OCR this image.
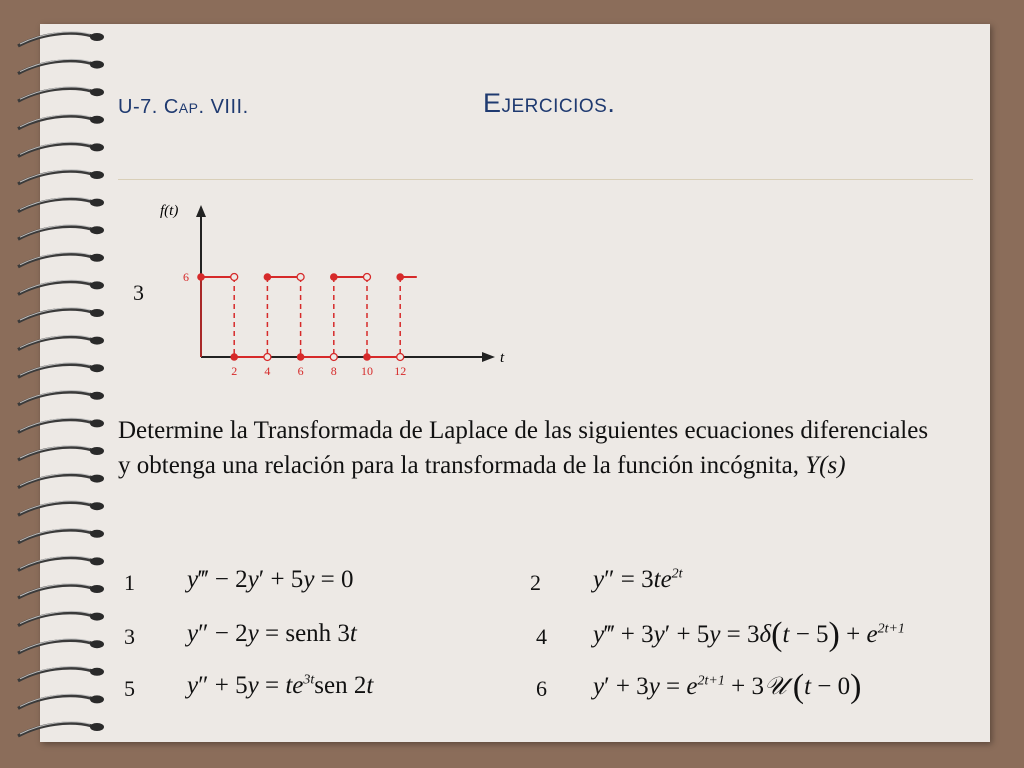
U-7. Cap. VIII.	Ejercicios.
3
f(t)
t
6
2 4 6 8 10 12
Determine la Transformada de Laplace de las siguientes ecuaciones diferenciales y obtenga una relación para la transformada de la función incógnita, Y(s)
1 y‴ − 2y′ + 5y = 0	2 $y'' = 3te^{2t}$
3 y″ − 2y = senh 3t	4 y‴ + $3y' + 5y = 3\delta(t - 5) + e^{2t+1}$
5 $y'' + 5y = te^{3t}sen$ 2t	6 $y' + 3y = e^{2t+1}$ + 3𝒰 (t − 0)
